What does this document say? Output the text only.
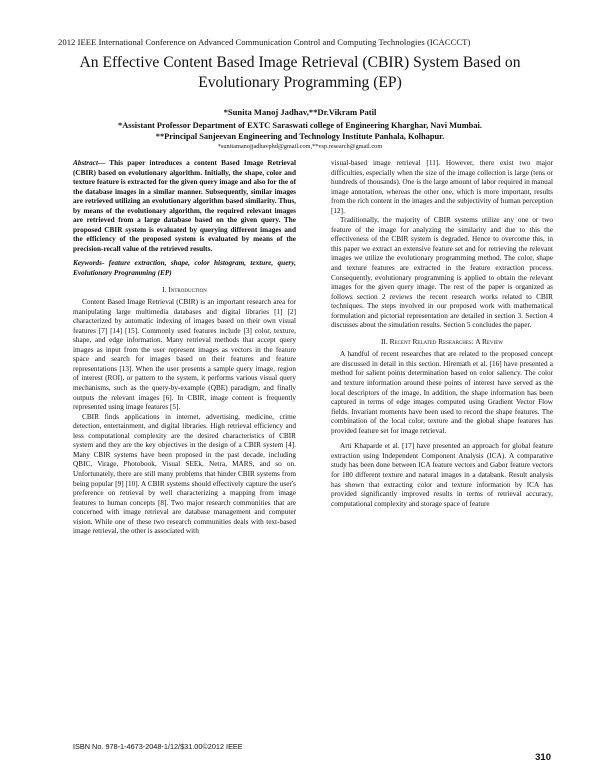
2012 IEEE International Conference on Advanced Communication Control and Computing Technologies (ICACCCT)
An Effective Content Based Image Retrieval (CBIR) System Based on
Evolutionary Programming (EP)
*Sunita Manoj Jadhav,**Dr.Vikram Patil
*Assistant Professor Department of EXTC Saraswati college of Engineering Kharghar, Navi Mumbai.
**Principal Sanjeevan Engineering and Technology Institute Panhala, Kolhapur.
*sunitamanojjadhavphd@gmail.com,**vsp.research@gmail.com

Abstract— This paper introduces a content Based Image Retrieval (CBIR) based on evolutionary algorithm. Initially, the shape, color and texture feature is extracted for the given query image and also for the of the database images in a similar manner. Subsequently, similar images are retrieved utilizing an evolutionary algorithm based similarity. Thus, by means of the evolutionary algorithm, the required relevant images are retrieved from a large database based on the given query. The proposed CBIR system is evaluated by querying different images and the efficiency of the proposed system is evaluated by means of the precision-recall value of the retrieved results.

Keywords- feature extraction, shape, color histogram, texture, query, Evolutionary Programming (EP)

I. Introduction

Content Based Image Retrieval (CBIR) is an important research area for manipulating large multimedia databases and digital libraries [1] [2] characterized by automatic indexing of images based on their own visual features [7] [14] [15]. Commonly used features include [3] color, texture, shape, and edge information. Many retrieval methods that accept query images as input from the user represent images as vectors in the feature space and search for images based on their features and feature representations [13]. When the user presents a sample query image, region of interest (ROI), or pattern to the system, it performs various visual query mechanisms, such as the query-by-example (QBE) paradigm, and finally outputs the relevant images [6]. In CBIR, image content is frequently represented using image features [5].

CBIR finds applications in internet, advertising, medicine, crime detection, entertainment, and digital libraries. High retrieval efficiency and less computational complexity are the desired characteristics of CBIR system and they are the key objectives in the design of a CBIR system [4]. Many CBIR systems have been proposed in the past decade, including QBIC, Virage, Photobook, Visual SEEk, Netra, MARS, and so on. Unfortunately, there are still many problems that hinder CBIR systems from being popular [9] [10]. A CBIR systems should effectively capture the user's preference on retrieval by well characterizing a mapping from image features to human concepts [8]. Two major research communities that are concerned with image retrieval are database management and computer vision. While one of these two research communities deals with text-based image retrieval, the other is associated with

visual-based image retrieval [11]. However, there exist two major difficulties, especially when the size of the image collection is large (tens or hundreds of thousands). One is the large amount of labor required in manual image annotation, whereas the other one, which is more important, results from the rich content in the images and the subjectivity of human perception [12].

Traditionally, the majority of CBIR systems utilize any one or two feature of the image for analyzing the similarity and due to this the effectiveness of the CBIR system is degraded. Hence to overcome this, in this paper we extract an extensive feature set and for retrieving the relevant images we utilize the evolutionary programming method. The color, shape and texture features are extracted in the feature extraction process. Consequently, evolutionary programming is applied to obtain the relevant images for the given query image. The rest of the paper is organized as follows section 2 reviews the recent research works related to CBIR techniques. The steps involved in our proposed work with mathematical formulation and pictorial representation are detailed in section 3. Section 4 discusses about the simulation results. Section 5 concludes the paper.

II. Recent Related Researches: A Review

A handful of recent researches that are related to the proposed concept are discussed in detail in this section. Hiremath et al. [16] have presented a method for salient points determination based on color saliency. The color and texture information around these points of interest have served as the local descriptors of the image. In addition, the shape information has been captured in terms of edge images computed using Gradient Vector Flow fields. Invariant moments have been used to record the shape features. The combination of the local color, texture and the global shape features has provided feature set for image retrieval.

Arti Khaparde et al. [17] have presented an approach for global feature extraction using Independent Component Analysis (ICA). A comparative study has been done between ICA feature vectors and Gabor feature vectors for 180 different texture and natural images in a databank. Result analysis has shown that extracting color and texture information by ICA has provided significantly improved results in terms of retrieval accuracy, computational complexity and storage space of feature

ISBN No. 978-1-4673-2048-1/12/$31.00©2012 IEEE
310
